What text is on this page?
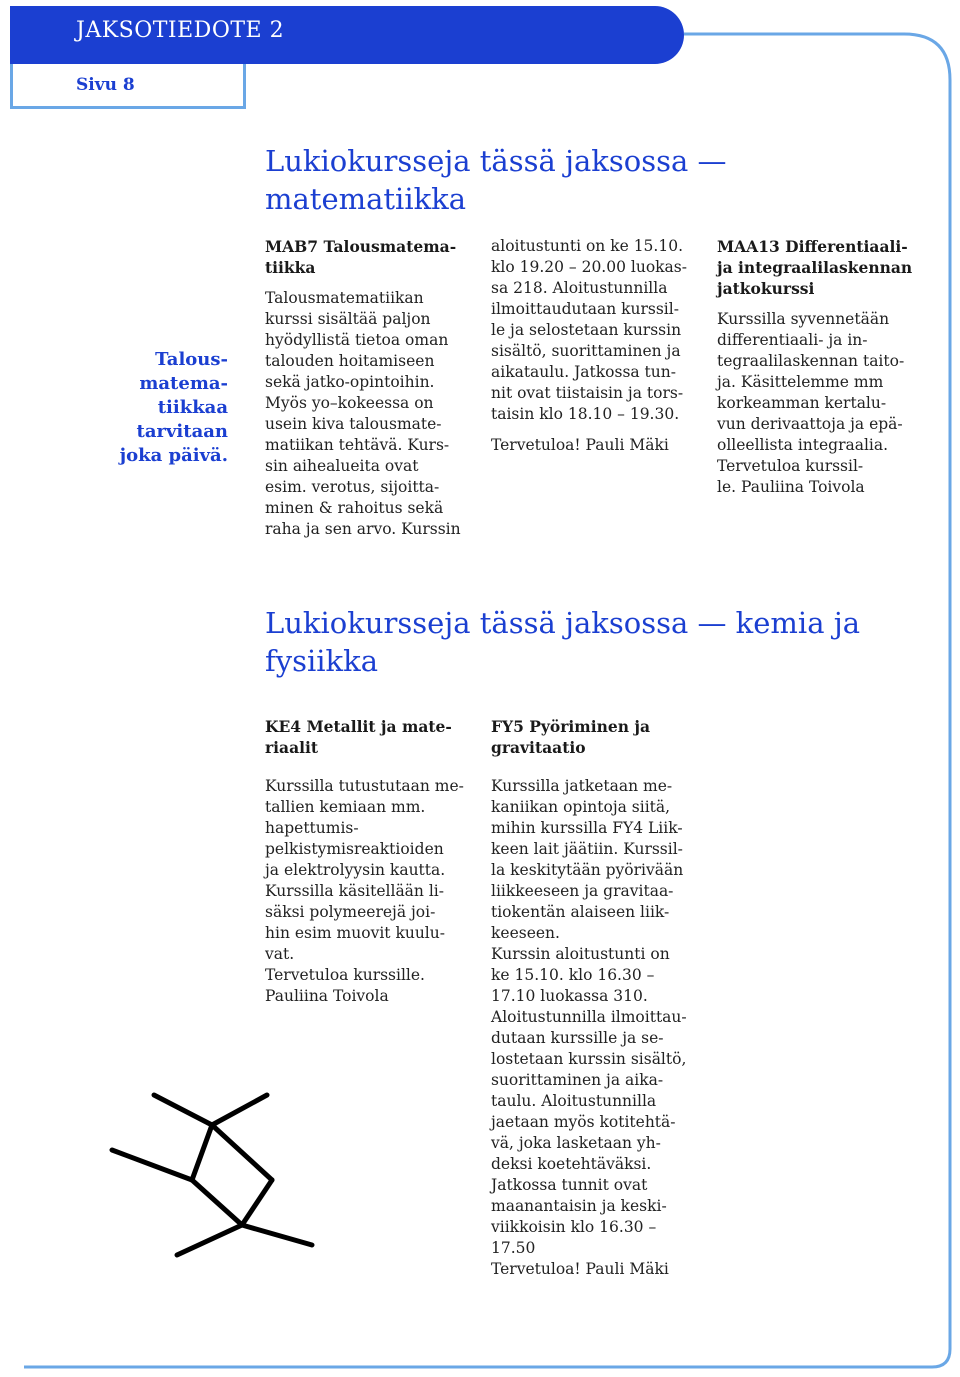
JAKSOTIEDOTE 2
Sivu 8
Lukiokursseja tässä jaksossa —
matematiikka
Talous-
matema-
tiikkaa
tarvitaan
joka päivä.
MAB7 Talousmatema-
tiikka
Talousmatematiikan
kurssi sisältää paljon
hyödyllistä tietoa oman
talouden hoitamiseen
sekä jatko-opintoihin.
Myös yo–kokeessa on
usein kiva talousmate-
matiikan tehtävä. Kurs-
sin aihealueita ovat
esim. verotus, sijoitta-
minen & rahoitus sekä
raha ja sen arvo. Kurssin
aloitustunti on ke 15.10.
klo 19.20 – 20.00 luokas-
sa 218. Aloitustunnilla
ilmoittaudutaan kurssil-
le ja selostetaan kurssin
sisältö, suorittaminen ja
aikataulu. Jatkossa tun-
nit ovat tiistaisin ja tors-
taisin klo 18.10 – 19.30.
Tervetuloa! Pauli Mäki
MAA13 Differentiaali-
ja integraalilaskennan
jatkokurssi
Kurssilla syvennetään
differentiaali- ja in-
tegraalilaskennan taito-
ja. Käsittelemme mm
korkeamman kertalu-
vun derivaattoja ja epä-
olleellista integraalia.
Tervetuloa kurssil-
le. Pauliina Toivola
Lukiokursseja tässä jaksossa — kemia ja
fysiikka
KE4 Metallit ja mate-
riaalit
Kurssilla tutustutaan me-
tallien kemiaan mm.
hapettumis-
pelkistymisreaktioiden
ja elektrolyysin kautta.
Kurssilla käsitellään li-
säksi polymeerejä joi-
hin esim muovit kuulu-
vat.
Tervetuloa kurssille.
Pauliina Toivola
FY5 Pyöriminen ja
gravitaatio
Kurssilla jatketaan me-
kaniikan opintoja siitä,
mihin kurssilla FY4 Liik-
keen lait jäätiin. Kurssil-
la keskitytään pyörivään
liikkeeseen ja gravitaa-
tiokentän alaiseen liik-
keeseen.
Kurssin aloitustunti on
ke 15.10. klo 16.30 –
17.10 luokassa 310.
Aloitustunnilla ilmoittau-
dutaan kurssille ja se-
lostetaan kurssin sisältö,
suorittaminen ja aika-
taulu. Aloitustunnilla
jaetaan myös kotitehtä-
vä, joka lasketaan yh-
deksi koetehtäväksi.
Jatkossa tunnit ovat
maanantaisin ja keski-
viikkoisin klo 16.30 –
17.50
Tervetuloa! Pauli Mäki
